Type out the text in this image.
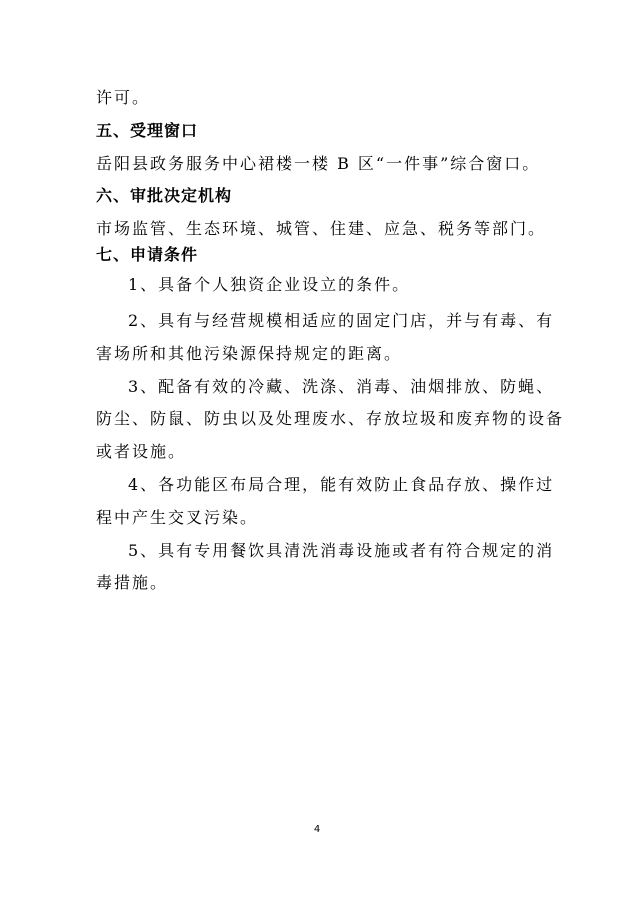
许可。
五、受理窗口
岳阳县政务服务中心裙楼一楼 B 区“一件事”综合窗口。
六、审批决定机构
市场监管、生态环境、城管、住建、应急、税务等部门。
七、申请条件
1、具备个人独资企业设立的条件。
2、具有与经营规模相适应的固定门店，并与有毒、有
害场所和其他污染源保持规定的距离。
3、配备有效的冷藏、洗涤、消毒、油烟排放、防蝇、
防尘、防鼠、防虫以及处理废水、存放垃圾和废弃物的设备
或者设施。
4、各功能区布局合理，能有效防止食品存放、操作过
程中产生交叉污染。
5、具有专用餐饮具清洗消毒设施或者有符合规定的消
毒措施。
4
